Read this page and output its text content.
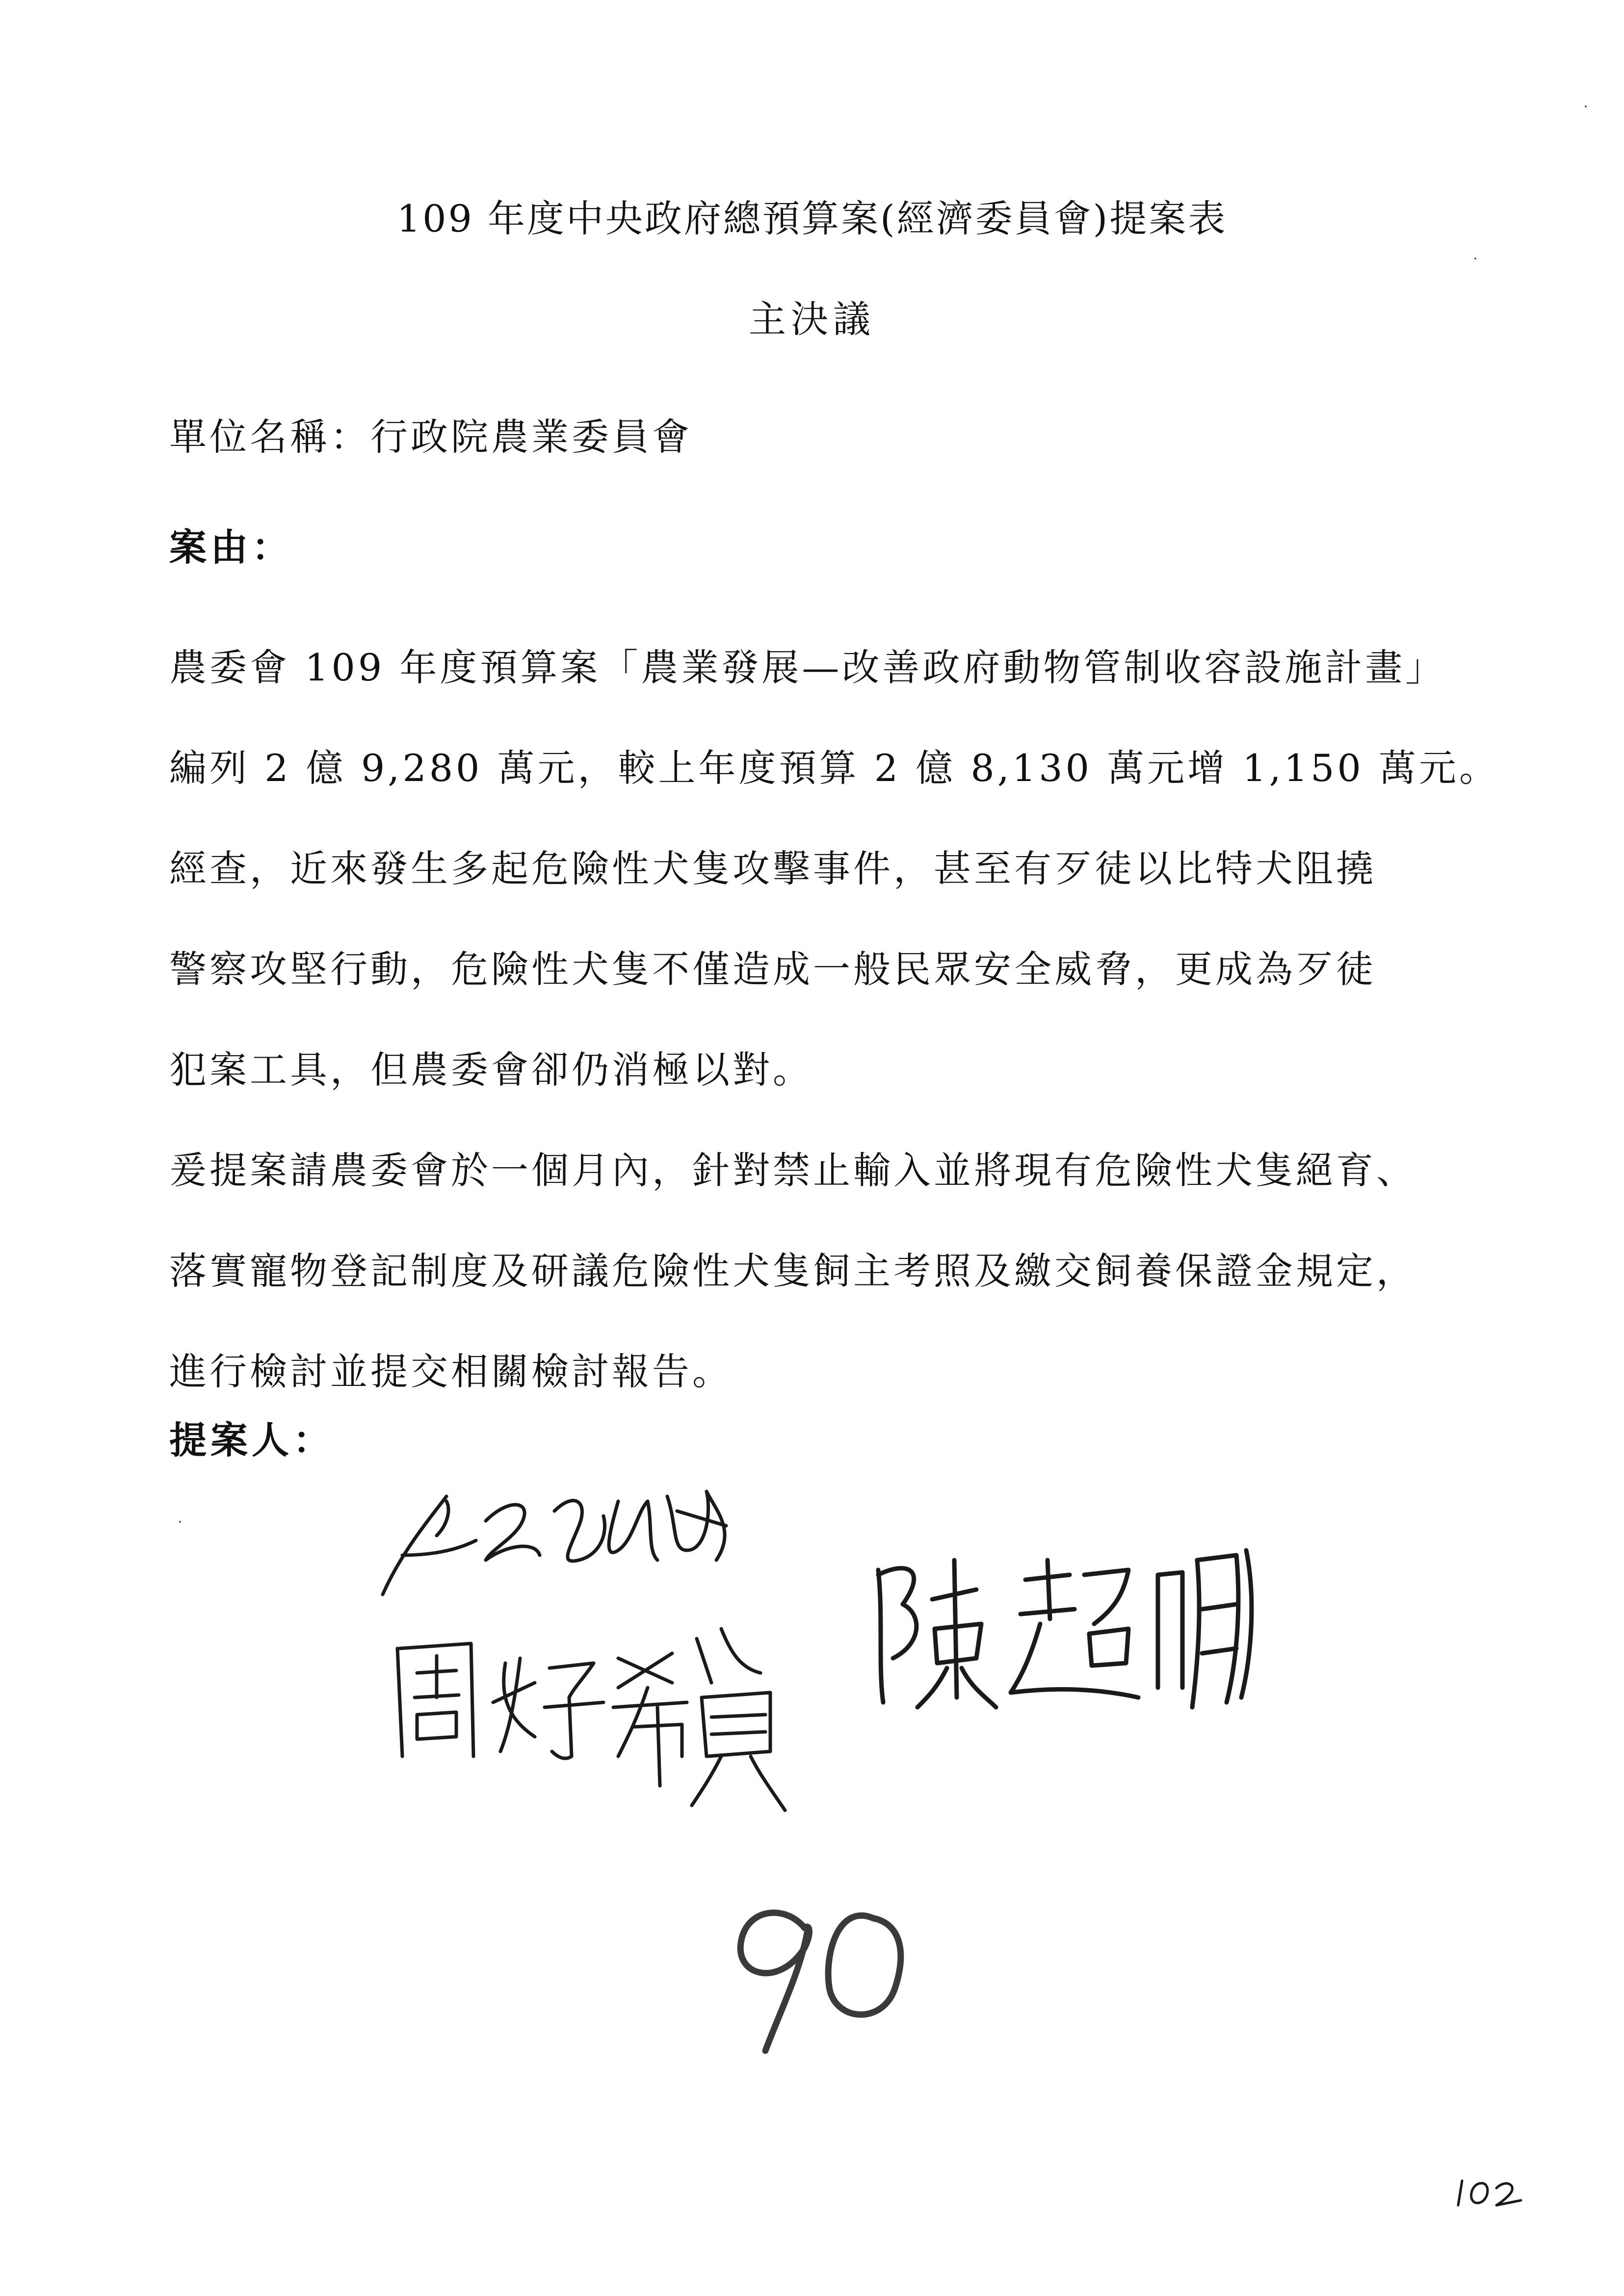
109 年度中央政府總預算案(經濟委員會)提案表
主決議
單位名稱：行政院農業委員會
案由：
農委會 109 年度預算案「農業發展—改善政府動物管制收容設施計畫」
編列 2 億 9,280 萬元，較上年度預算 2 億 8,130 萬元增 1,150 萬元。
經查，近來發生多起危險性犬隻攻擊事件，甚至有歹徒以比特犬阻撓
警察攻堅行動，危險性犬隻不僅造成一般民眾安全威脅，更成為歹徒
犯案工具，但農委會卻仍消極以對。
爰提案請農委會於一個月內，針對禁止輸入並將現有危險性犬隻絕育、
落實寵物登記制度及研議危險性犬隻飼主考照及繳交飼養保證金規定，
進行檢討並提交相關檢討報告。
提案人：
